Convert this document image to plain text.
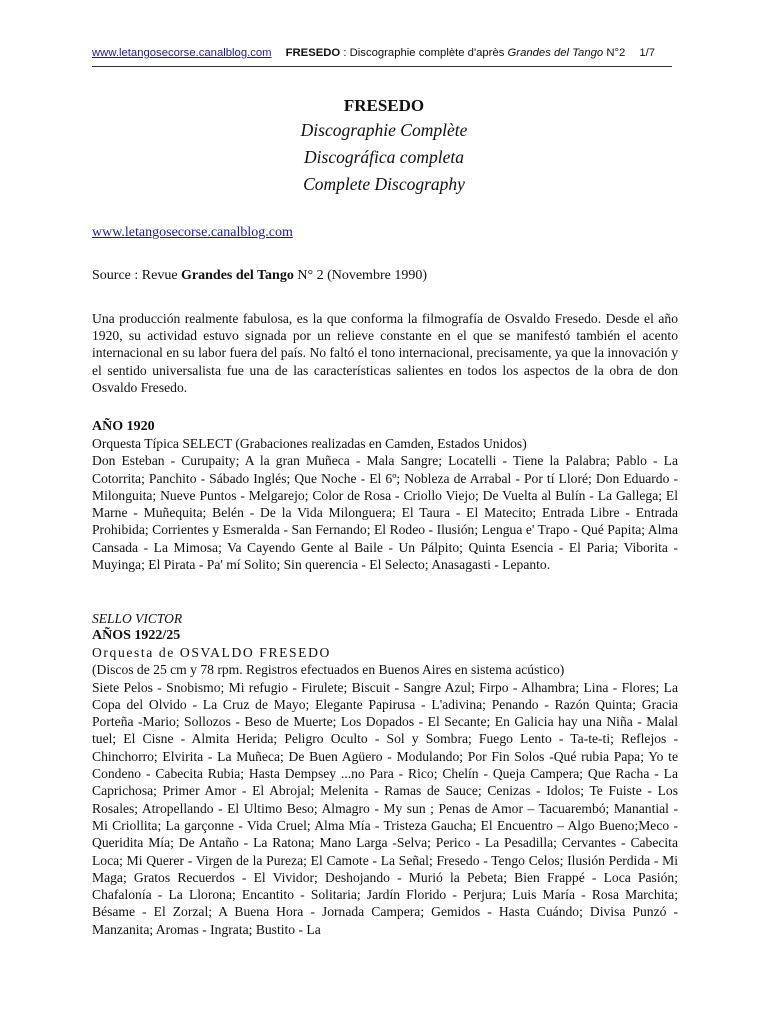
www.letangosecorse.canalblog.com FRESEDO : Discographie complète d'après Grandes del Tango N°2 1/7
FRESEDO
Discographie Complète
Discográfica completa
Complete Discography
www.letangosecorse.canalblog.com
Source : Revue Grandes del Tango N° 2 (Novembre 1990)
Una producción realmente fabulosa, es la que conforma la filmografía de Osvaldo Fresedo. Desde el año 1920, su actividad estuvo signada por un relieve constante en el que se manifestó también el acento internacional en su labor fuera del país. No faltó el tono internacional, precisamente, ya que la innovación y el sentido universalista fue una de las características salientes en todos los aspectos de la obra de don Osvaldo Fresedo.
AÑO 1920
Orquesta Típica SELECT (Grabaciones realizadas en Camden, Estados Unidos)
Don Esteban - Curupaity; A la gran Muñeca - Mala Sangre; Locatelli - Tiene la Palabra; Pablo - La Cotorrita; Panchito - Sábado Inglés; Que Noche - El 6º; Nobleza de Arrabal - Por tí Lloré; Don Eduardo - Milonguita; Nueve Puntos - Melgarejo; Color de Rosa - Criollo Viejo; De Vuelta al Bulín - La Gallega; El Marne - Muñequita; Belén - De la Vida Milonguera; El Taura - El Matecito; Entrada Libre - Entrada Prohibida; Corrientes y Esmeralda - San Fernando; El Rodeo - Ilusión; Lengua e' Trapo - Qué Papita; Alma Cansada - La Mimosa; Va Cayendo Gente al Baile - Un Pálpito; Quinta Esencia - El Paria; Viborita - Muyinga; El Pirata - Pa' mí Solito; Sin querencia - El Selecto; Anasagasti - Lepanto.
SELLO VICTOR
AÑOS 1922/25
Orquesta de OSVALDO FRESEDO
(Discos de 25 cm y 78 rpm. Registros efectuados en Buenos Aires en sistema acústico)
Siete Pelos - Snobismo; Mi refugio - Firulete; Biscuit - Sangre Azul; Firpo - Alhambra; Lina - Flores; La Copa del Olvido - La Cruz de Mayo; Elegante Papirusa - L'adivina; Penando - Razón Quinta; Gracia Porteña -Mario; Sollozos - Beso de Muerte; Los Dopados - El Secante; En Galicia hay una Niña - Malal tuel; El Cisne - Almita Herida; Peligro Oculto - Sol y Sombra; Fuego Lento - Ta-te-ti; Reflejos - Chinchorro; Elvirita - La Muñeca; De Buen Agüero - Modulando; Por Fin Solos -Qué rubia Papa; Yo te Condeno - Cabecita Rubia; Hasta Dempsey ...no Para - Rico; Chelín - Queja Campera; Que Racha - La Caprichosa; Primer Amor - El Abrojal; Melenita - Ramas de Sauce; Cenizas - Idolos; Te Fuiste - Los Rosales; Atropellando - El Ultimo Beso; Almagro - My sun ; Penas de Amor – Tacuarembó; Manantial - Mi Criollita; La garçonne - Vida Cruel; Alma Mía - Tristeza Gaucha; El Encuentro – Algo Bueno;Meco - Queridita Mía; De Antaño - La Ratona; Mano Larga -Selva; Perico - La Pesadilla; Cervantes - Cabecita Loca; Mi Querer - Virgen de la Pureza; El Camote - La Señal; Fresedo - Tengo Celos; Ilusión Perdida - Mi Maga; Gratos Recuerdos - El Vividor; Deshojando - Murió la Pebeta; Bien Frappé - Loca Pasión; Chafalonía - La Llorona; Encantito - Solitaria; Jardín Florido - Perjura; Luis María - Rosa Marchita; Bésame - El Zorzal; A Buena Hora - Jornada Campera; Gemidos - Hasta Cuándo; Divisa Punzó - Manzanita; Aromas - Ingrata; Bustito - La
